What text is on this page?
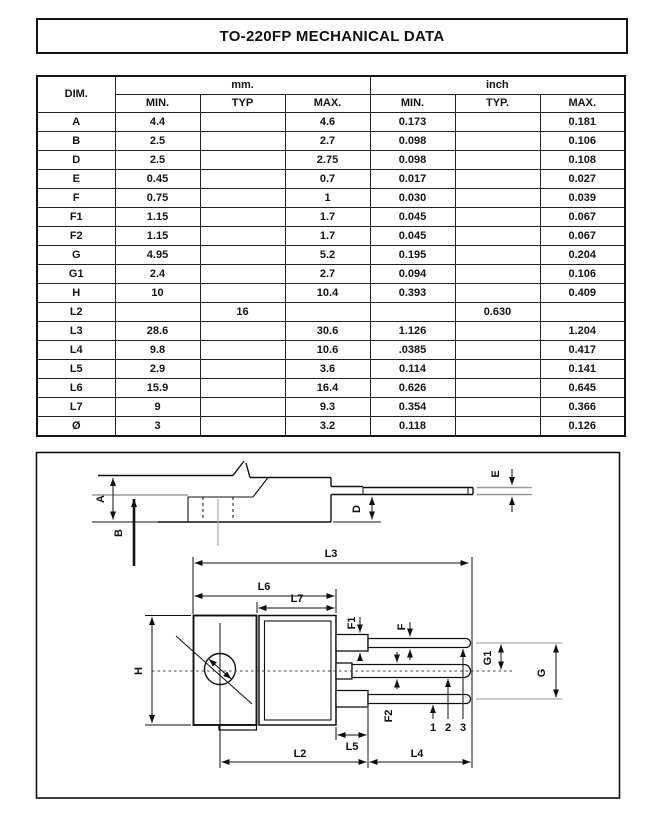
TO-220FP MECHANICAL DATA
DIM.	mm.			inch		
	MIN.	TYP	MAX.	MIN.	TYP.	MAX.
A	4.4		4.6	0.173		0.181
B	2.5		2.7	0.098		0.106
D	2.5		2.75	0.098		0.108
E	0.45		0.7	0.017		0.027
F	0.75		1	0.030		0.039
F1	1.15		1.7	0.045		0.067
F2	1.15		1.7	0.045		0.067
G	4.95		5.2	0.195		0.204
G1	2.4		2.7	0.094		0.106
H	10		10.4	0.393		0.409
L2		16			0.630	
L3	28.6		30.6	1.126		1.204
L4	9.8		10.6	.0385		0.417
L5	2.9		3.6	0.114		0.141
L6	15.9		16.4	0.626		0.645
L7	9		9.3	0.354		0.366
Ø	3		3.2	0.118		0.126
A
B
D
E
L3
L6
L7
H
F1	F
F2
G1
G
L5
L2	L4
1 2 3
